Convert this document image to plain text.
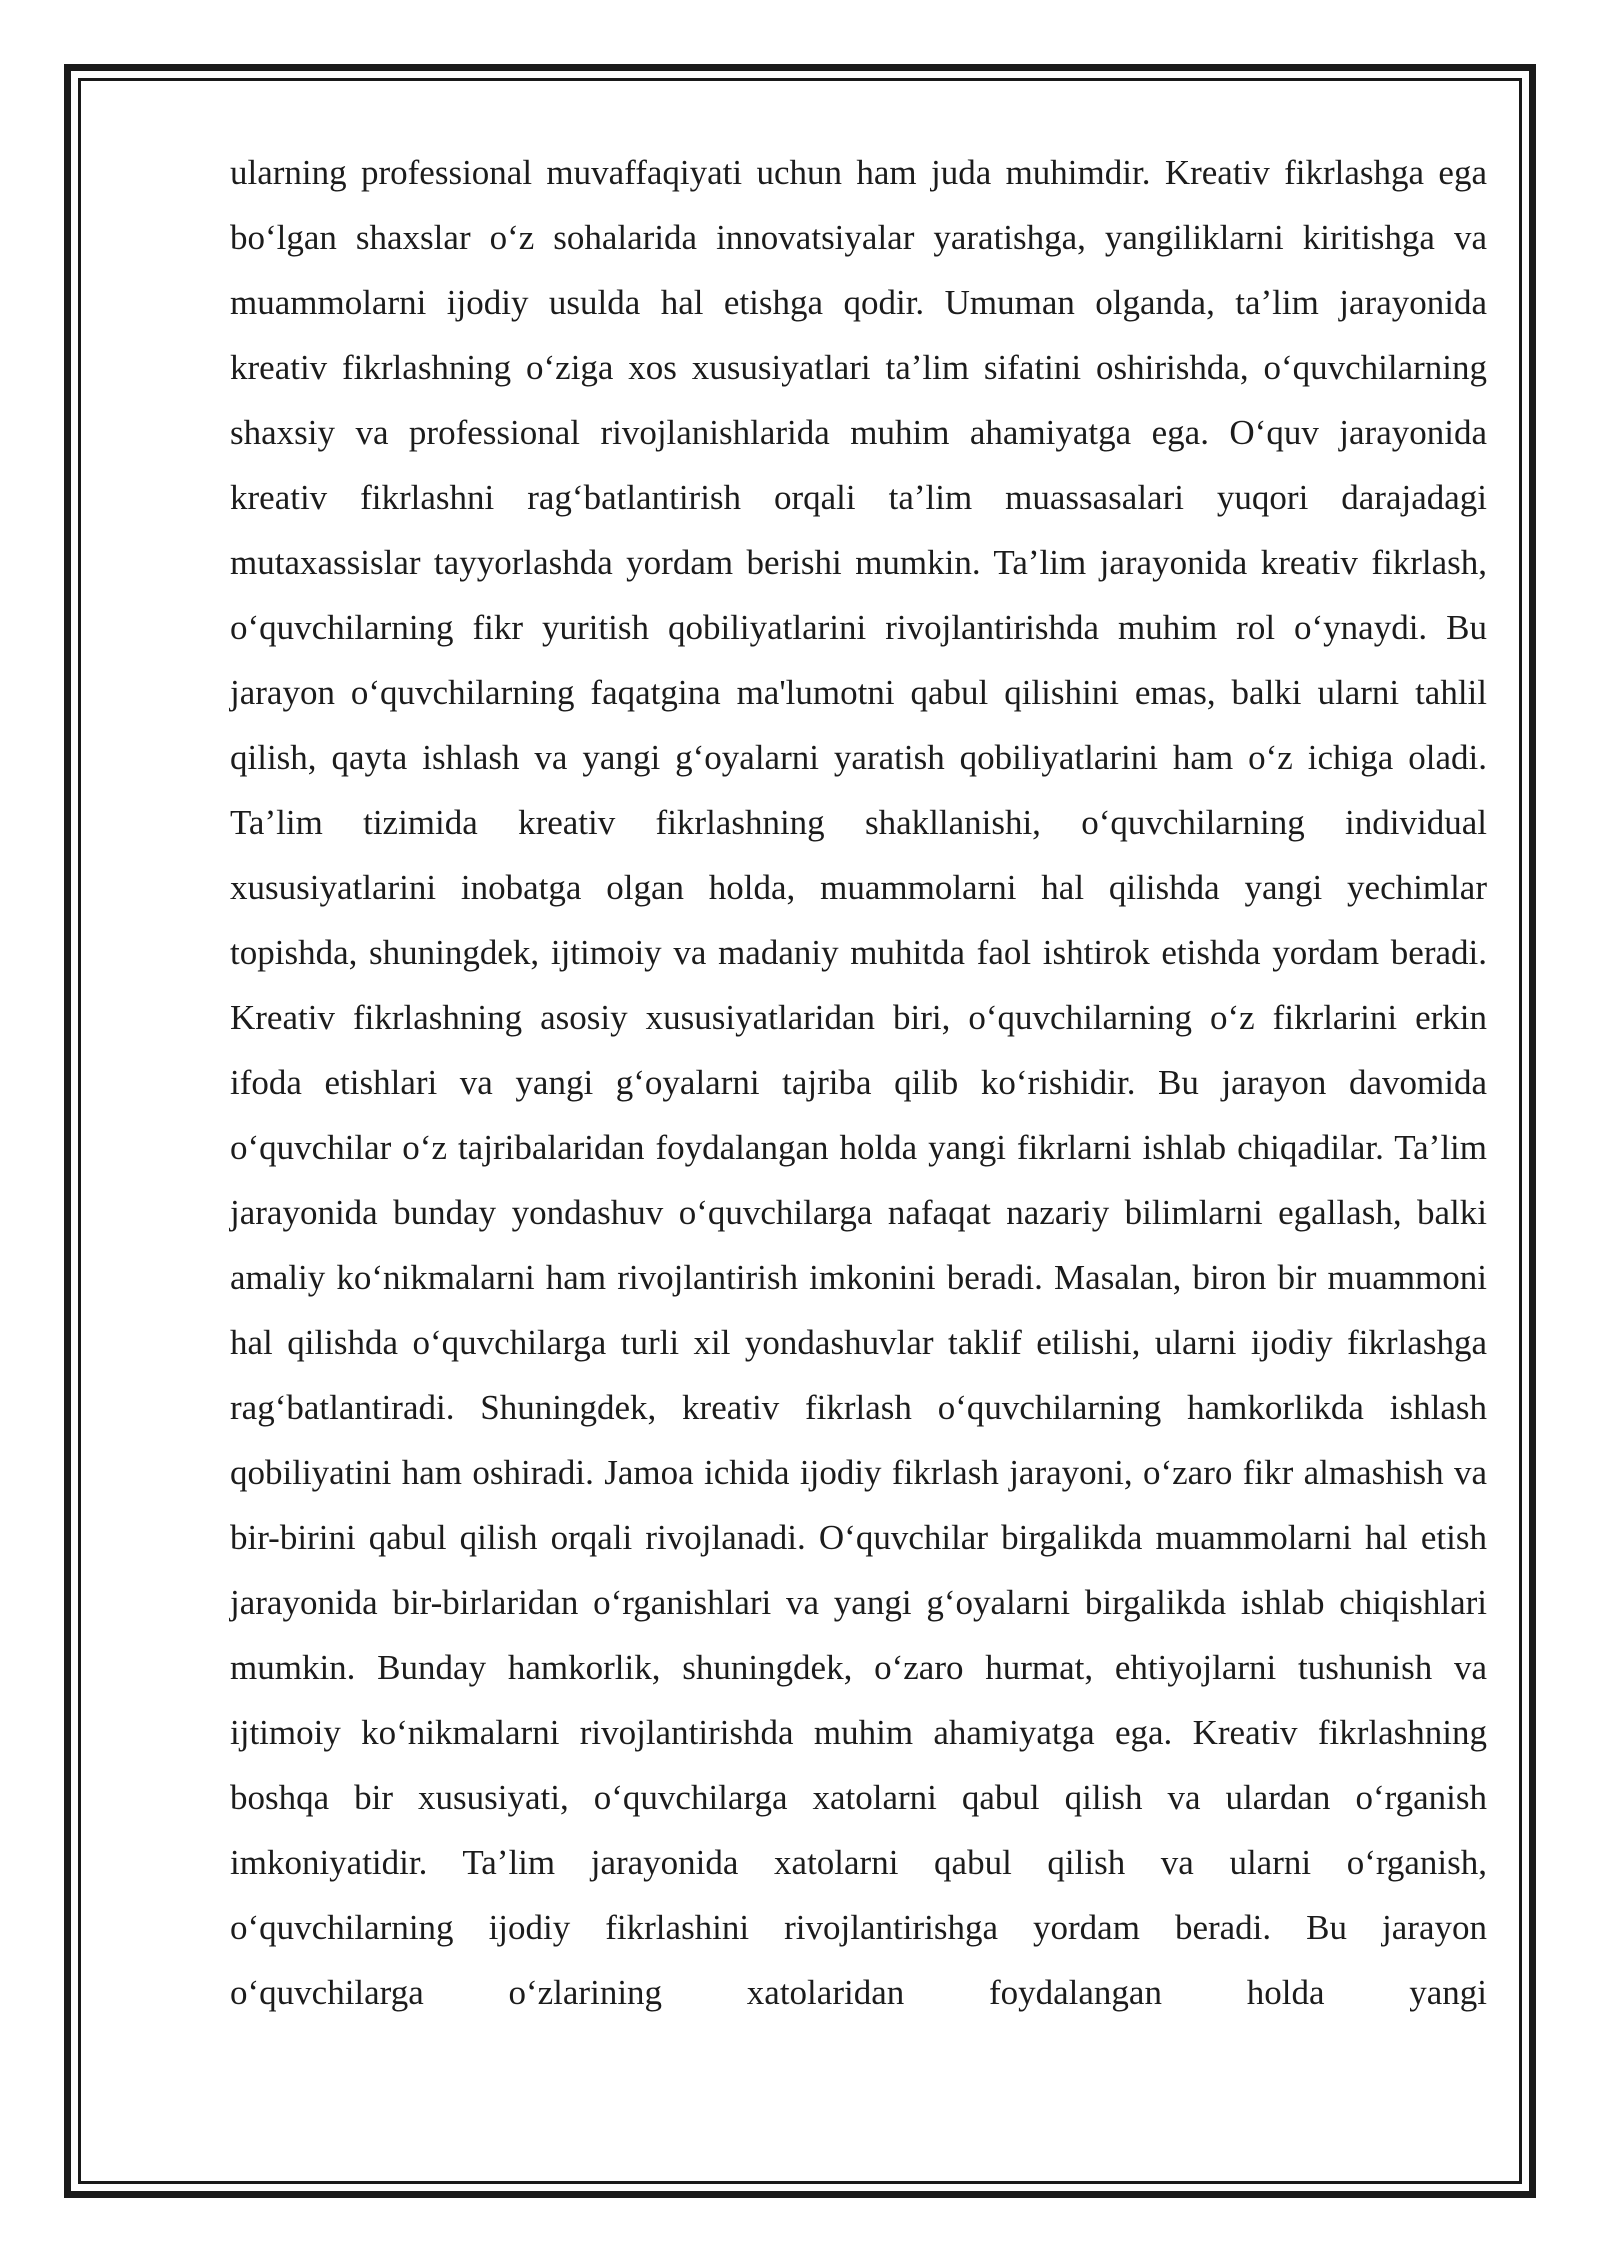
ularning professional muvaffaqiyati uchun ham juda muhimdir. Kreativ fikrlashga ega boʻlgan shaxslar oʻz sohalarida innovatsiyalar yaratishga, yangiliklarni kiritishga va muammolarni ijodiy usulda hal etishga qodir. Umuman olganda, taʼlim jarayonida kreativ fikrlashning oʻziga xos xususiyatlari taʼlim sifatini oshirishda, oʻquvchilarning shaxsiy va professional rivojlanishlarida muhim ahamiyatga ega. Oʻquv jarayonida kreativ fikrlashni ragʻbatlantirish orqali taʼlim muassasalari yuqori darajadagi mutaxassislar tayyorlashda yordam berishi mumkin. Taʼlim jarayonida kreativ fikrlash, oʻquvchilarning fikr yuritish qobiliyatlarini rivojlantirishda muhim rol oʻynaydi. Bu jarayon oʻquvchilarning faqatgina ma'lumotni qabul qilishini emas, balki ularni tahlil qilish, qayta ishlash va yangi gʻoyalarni yaratish qobiliyatlarini ham oʻz ichiga oladi. Taʼlim tizimida kreativ fikrlashning shakllanishi, oʻquvchilarning individual xususiyatlarini inobatga olgan holda, muammolarni hal qilishda yangi yechimlar topishda, shuningdek, ijtimoiy va madaniy muhitda faol ishtirok etishda yordam beradi. Kreativ fikrlashning asosiy xususiyatlaridan biri, oʻquvchilarning oʻz fikrlarini erkin ifoda etishlari va yangi gʻoyalarni tajriba qilib koʻrishidir. Bu jarayon davomida oʻquvchilar oʻz tajribalaridan foydalangan holda yangi fikrlarni ishlab chiqadilar. Taʼlim jarayonida bunday yondashuv oʻquvchilarga nafaqat nazariy bilimlarni egallash, balki amaliy koʻnikmalarni ham rivojlantirish imkonini beradi. Masalan, biron bir muammoni hal qilishda oʻquvchilarga turli xil yondashuvlar taklif etilishi, ularni ijodiy fikrlashga ragʻbatlantiradi. Shuningdek, kreativ fikrlash oʻquvchilarning hamkorlikda ishlash qobiliyatini ham oshiradi. Jamoa ichida ijodiy fikrlash jarayoni, oʻzaro fikr almashish va bir-birini qabul qilish orqali rivojlanadi. Oʻquvchilar birgalikda muammolarni hal etish jarayonida bir-birlaridan oʻrganishlari va yangi gʻoyalarni birgalikda ishlab chiqishlari mumkin. Bunday hamkorlik, shuningdek, oʻzaro hurmat, ehtiyojlarni tushunish va ijtimoiy koʻnikmalarni rivojlantirishda muhim ahamiyatga ega. Kreativ fikrlashning boshqa bir xususiyati, oʻquvchilarga xatolarni qabul qilish va ulardan oʻrganish imkoniyatidir. Taʼlim jarayonida xatolarni qabul qilish va ularni oʻrganish, oʻquvchilarning ijodiy fikrlashini rivojlantirishga yordam beradi. Bu jarayon oʻquvchilarga oʻzlarining xatolaridan foydalangan holda yangi
